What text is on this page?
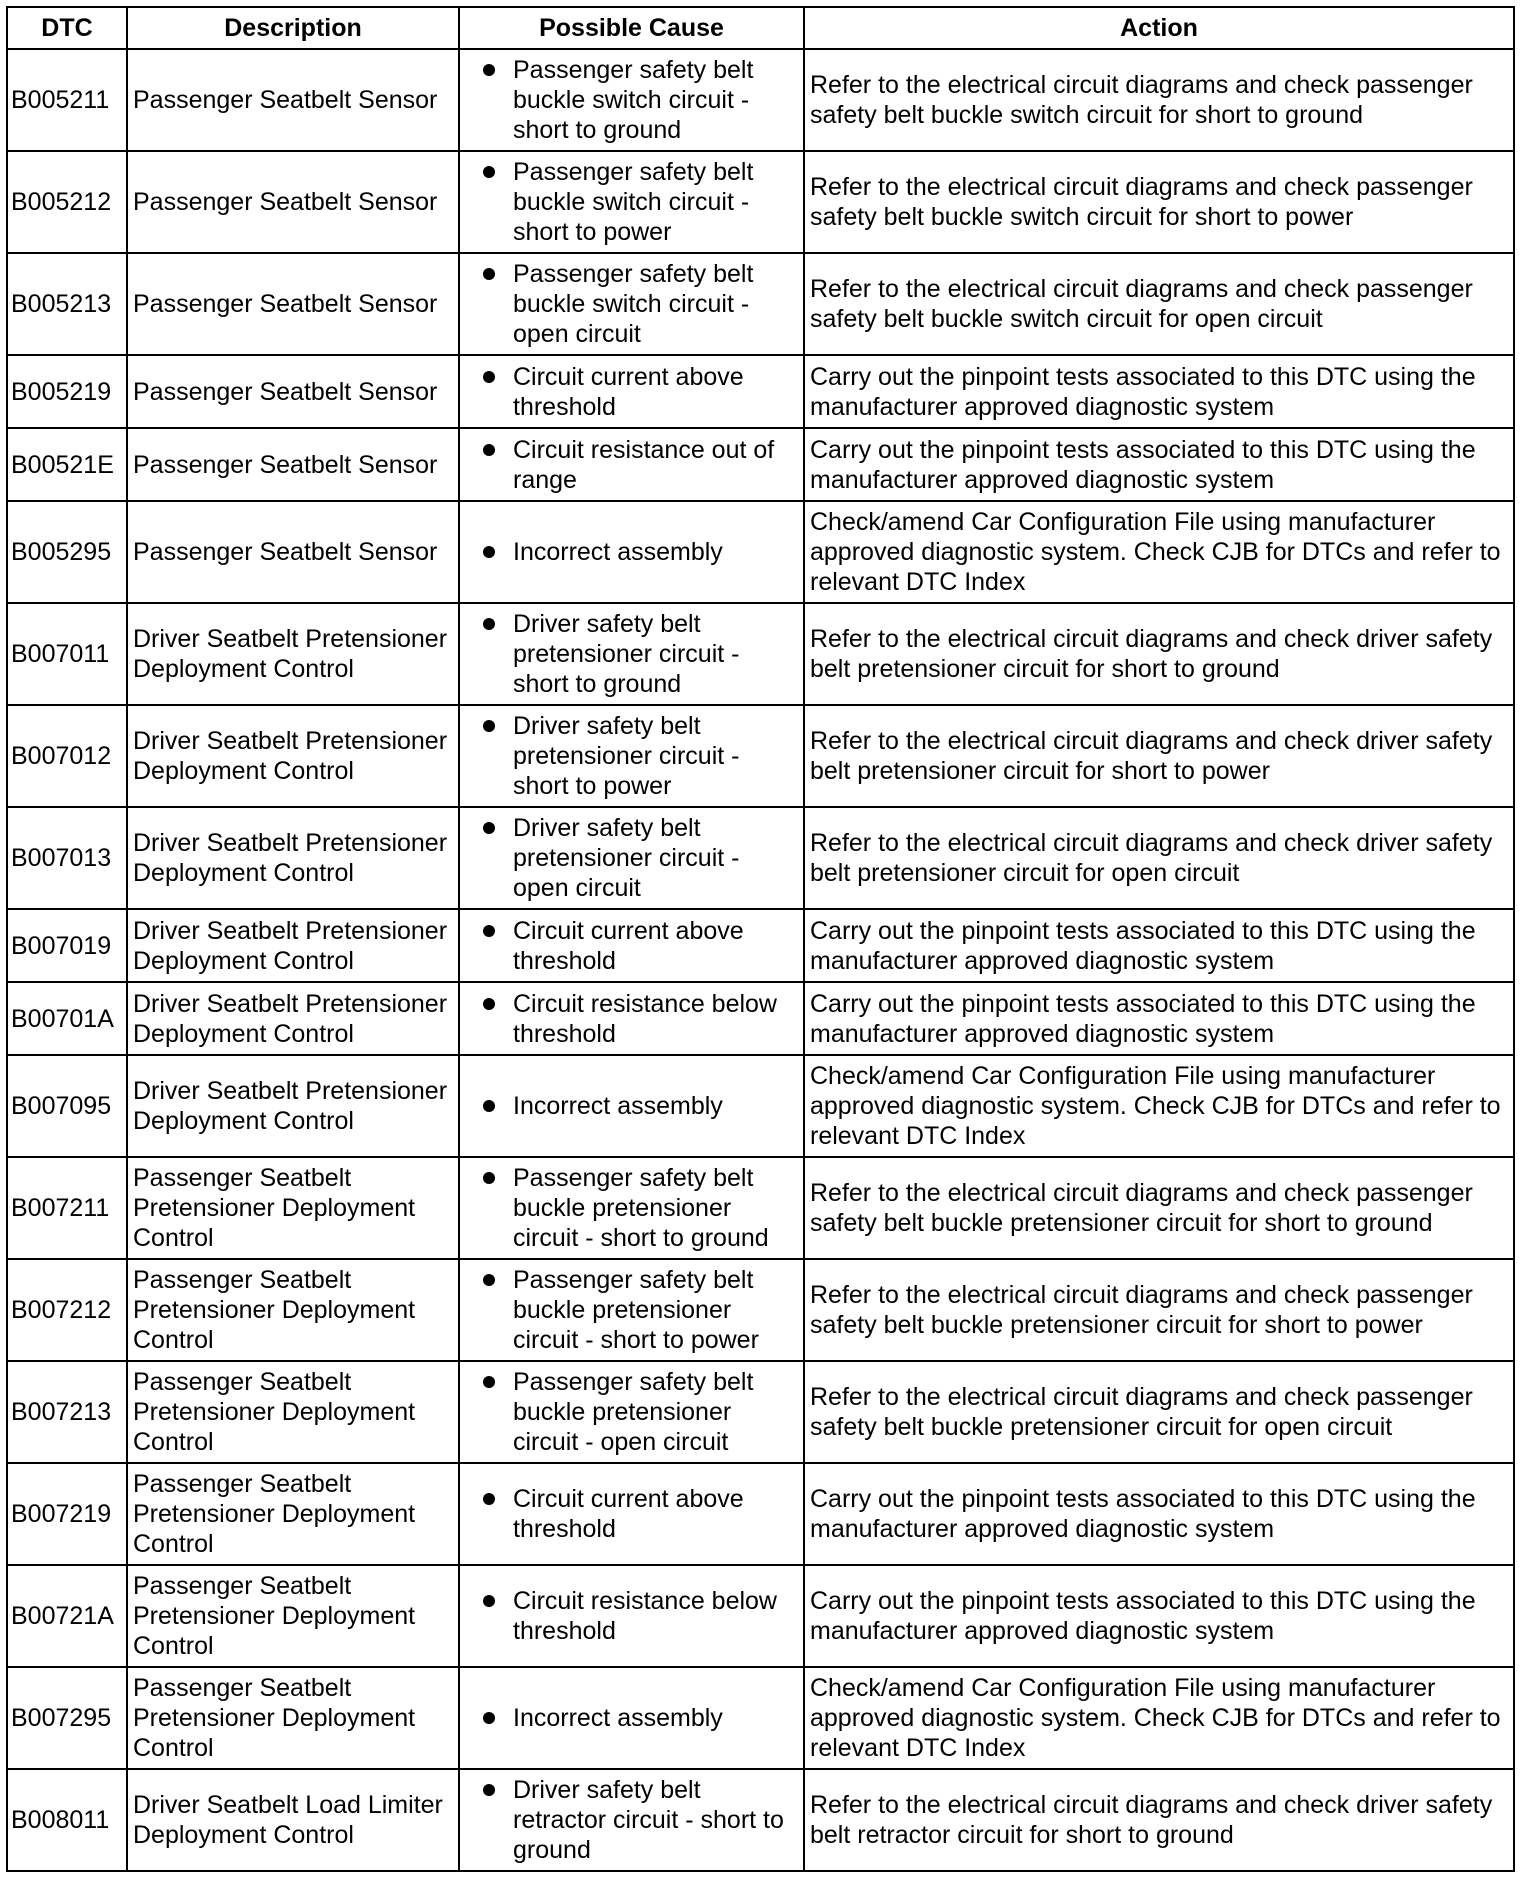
DTC	Description	Possible Cause	Action
B005211	Passenger Seatbelt Sensor	Passenger safety belt buckle switch circuit - short to ground	Refer to the electrical circuit diagrams and check passenger safety belt buckle switch circuit for short to ground
B005212	Passenger Seatbelt Sensor	Passenger safety belt buckle switch circuit - short to power	Refer to the electrical circuit diagrams and check passenger safety belt buckle switch circuit for short to power
B005213	Passenger Seatbelt Sensor	Passenger safety belt buckle switch circuit - open circuit	Refer to the electrical circuit diagrams and check passenger safety belt buckle switch circuit for open circuit
B005219	Passenger Seatbelt Sensor	Circuit current above threshold	Carry out the pinpoint tests associated to this DTC using the manufacturer approved diagnostic system
B00521E	Passenger Seatbelt Sensor	Circuit resistance out of range	Carry out the pinpoint tests associated to this DTC using the manufacturer approved diagnostic system
B005295	Passenger Seatbelt Sensor	Incorrect assembly	Check/amend Car Configuration File using manufacturer approved diagnostic system. Check CJB for DTCs and refer to relevant DTC Index
B007011	Driver Seatbelt Pretensioner Deployment Control	Driver safety belt pretensioner circuit - short to ground	Refer to the electrical circuit diagrams and check driver safety belt pretensioner circuit for short to ground
B007012	Driver Seatbelt Pretensioner Deployment Control	Driver safety belt pretensioner circuit - short to power	Refer to the electrical circuit diagrams and check driver safety belt pretensioner circuit for short to power
B007013	Driver Seatbelt Pretensioner Deployment Control	Driver safety belt pretensioner circuit - open circuit	Refer to the electrical circuit diagrams and check driver safety belt pretensioner circuit for open circuit
B007019	Driver Seatbelt Pretensioner Deployment Control	Circuit current above threshold	Carry out the pinpoint tests associated to this DTC using the manufacturer approved diagnostic system
B00701A	Driver Seatbelt Pretensioner Deployment Control	Circuit resistance below threshold	Carry out the pinpoint tests associated to this DTC using the manufacturer approved diagnostic system
B007095	Driver Seatbelt Pretensioner Deployment Control	Incorrect assembly	Check/amend Car Configuration File using manufacturer approved diagnostic system. Check CJB for DTCs and refer to relevant DTC Index
B007211	Passenger Seatbelt Pretensioner Deployment Control	Passenger safety belt buckle pretensioner circuit - short to ground	Refer to the electrical circuit diagrams and check passenger safety belt buckle pretensioner circuit for short to ground
B007212	Passenger Seatbelt Pretensioner Deployment Control	Passenger safety belt buckle pretensioner circuit - short to power	Refer to the electrical circuit diagrams and check passenger safety belt buckle pretensioner circuit for short to power
B007213	Passenger Seatbelt Pretensioner Deployment Control	Passenger safety belt buckle pretensioner circuit - open circuit	Refer to the electrical circuit diagrams and check passenger safety belt buckle pretensioner circuit for open circuit
B007219	Passenger Seatbelt Pretensioner Deployment Control	Circuit current above threshold	Carry out the pinpoint tests associated to this DTC using the manufacturer approved diagnostic system
B00721A	Passenger Seatbelt Pretensioner Deployment Control	Circuit resistance below threshold	Carry out the pinpoint tests associated to this DTC using the manufacturer approved diagnostic system
B007295	Passenger Seatbelt Pretensioner Deployment Control	Incorrect assembly	Check/amend Car Configuration File using manufacturer approved diagnostic system. Check CJB for DTCs and refer to relevant DTC Index
B008011	Driver Seatbelt Load Limiter Deployment Control	Driver safety belt retractor circuit - short to ground	Refer to the electrical circuit diagrams and check driver safety belt retractor circuit for short to ground
